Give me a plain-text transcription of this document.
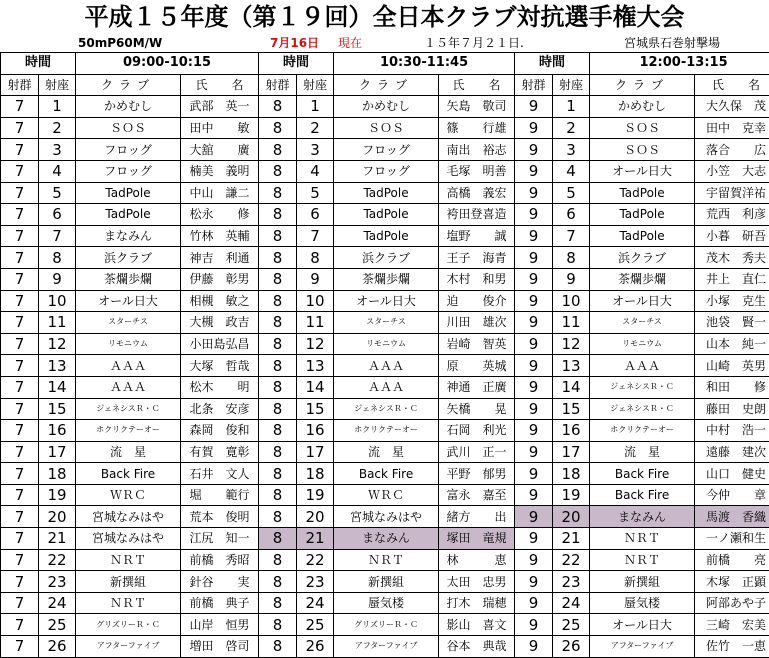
平成１５年度（第１９回）全日本クラブ対抗選手権大会
50mP60M/W	7月16日 現在	１５年７月２１日.	宮城県石巻射撃場
時間		09:00-10:15		時間		10:30-11:45		時間		12:00-13:15	
射群	射座	クラブ	氏　　名	射群	射座	クラブ	氏　　名	射群	射座	クラブ	氏　　名
7	1	かめむし	武部　英一	8	1	かめむし	矢島　敬司	9	1	かめむし	大久保　茂
7	2	ＳＯＳ	田中　　敏	8	2	ＳＯＳ	篠　　行雄	9	2	ＳＯＳ	田中　克幸
7	3	フロッグ	大舘　　廣	8	3	フロッグ	南出　裕志	9	3	ＳＯＳ	落合　　広
7	4	フロッグ	楠美　義明	8	4	フロッグ	毛塚　明善	9	4	オール日大	小笠　大志
7	5	TadPole	中山　謙二	8	5	TadPole	高橋　義宏	9	5	TadPole	宇留賀洋祐
7	6	TadPole	松永　　修	8	6	TadPole	袴田登喜造	9	6	TadPole	荒西　利彦
7	7	まなみん	竹林　英輔	8	7	TadPole	塩野　　誠	9	7	TadPole	小暮　研吾
7	8	浜クラブ	神吉　利通	8	8	浜クラブ	王子　海青	9	8	浜クラブ	茂木　秀夫
7	9	茶爛歩爛	伊藤　彰男	8	9	茶爛歩爛	木村　和男	9	9	茶爛歩爛	井上　直仁
7	10	オール日大	相槻　敏之	8	10	オール日大	迫　　俊介	9	10	オール日大	小塚　克生
7	11	スターチス	大槻　政吉	8	11	スターチス	川田　雄次	9	11	スターチス	池袋　賢一
7	12	リモニウム	小田島弘昌	8	12	リモニウム	岩崎　智英	9	12	リモニウム	山本　純一
7	13	ＡＡＡ	大塚　哲哉	8	13	ＡＡＡ	原　　英城	9	13	ＡＡＡ	山崎　英男
7	14	ＡＡＡ	松木　　明	8	14	ＡＡＡ	神通　正廣	9	14	ジェネシスＲ・Ｃ	和田　　修
7	15	ジェネシスＲ・Ｃ	北条　安彦	8	15	ジェネシスＲ・Ｃ	矢橋　　晃	9	15	ジェネシスＲ・Ｃ	藤田　史朗
7	16	ホクリクテーオー	森岡　俊和	8	16	ホクリクテーオー	石岡　利光	9	16	ホクリクテーオー	中村　浩一
7	17	流　星	有賀　寛彰	8	17	流　星	武川　正一	9	17	流　星	遠藤　建次
7	18	Back Fire	石井　文人	8	18	Back Fire	平野　郁男	9	18	Back Fire	山口　健史
7	19	ＷＲＣ	堀　　範行	8	19	ＷＲＣ	富永　嘉至	9	19	Back Fire	今仲　　章
7	20	宮城なみはや	荒本　俊明	8	20	宮城なみはや	緒方　　出	9	20	まなみん	馬渡　香織
7	21	宮城なみはや	江尻　知一	8	21	まなみん	塚田　竜規	9	21	ＮＲＴ	一ノ瀬和生
7	22	ＮＲＴ	前橋　秀昭	8	22	ＮＲＴ	林　　　恵	9	22	ＮＲＴ	前橋　　亮
7	23	新撰組	針谷　　実	8	23	新撰組	太田　忠男	9	23	新撰組	木塚　正顕
7	24	ＮＲＴ	前橋　典子	8	24	蜃気楼	打木　瑞穂	9	24	蜃気楼	阿部あや子
7	25	グリズリーＲ・Ｃ	山岸　恒男	8	25	グリズリーＲ・Ｃ	影山　喜文	9	25	オール日大	三崎　宏美
7	26	アフターファイブ	増田　啓司	8	26	アフターファイブ	谷本　典哉	9	26	アフターファイブ	佐竹　一恵
